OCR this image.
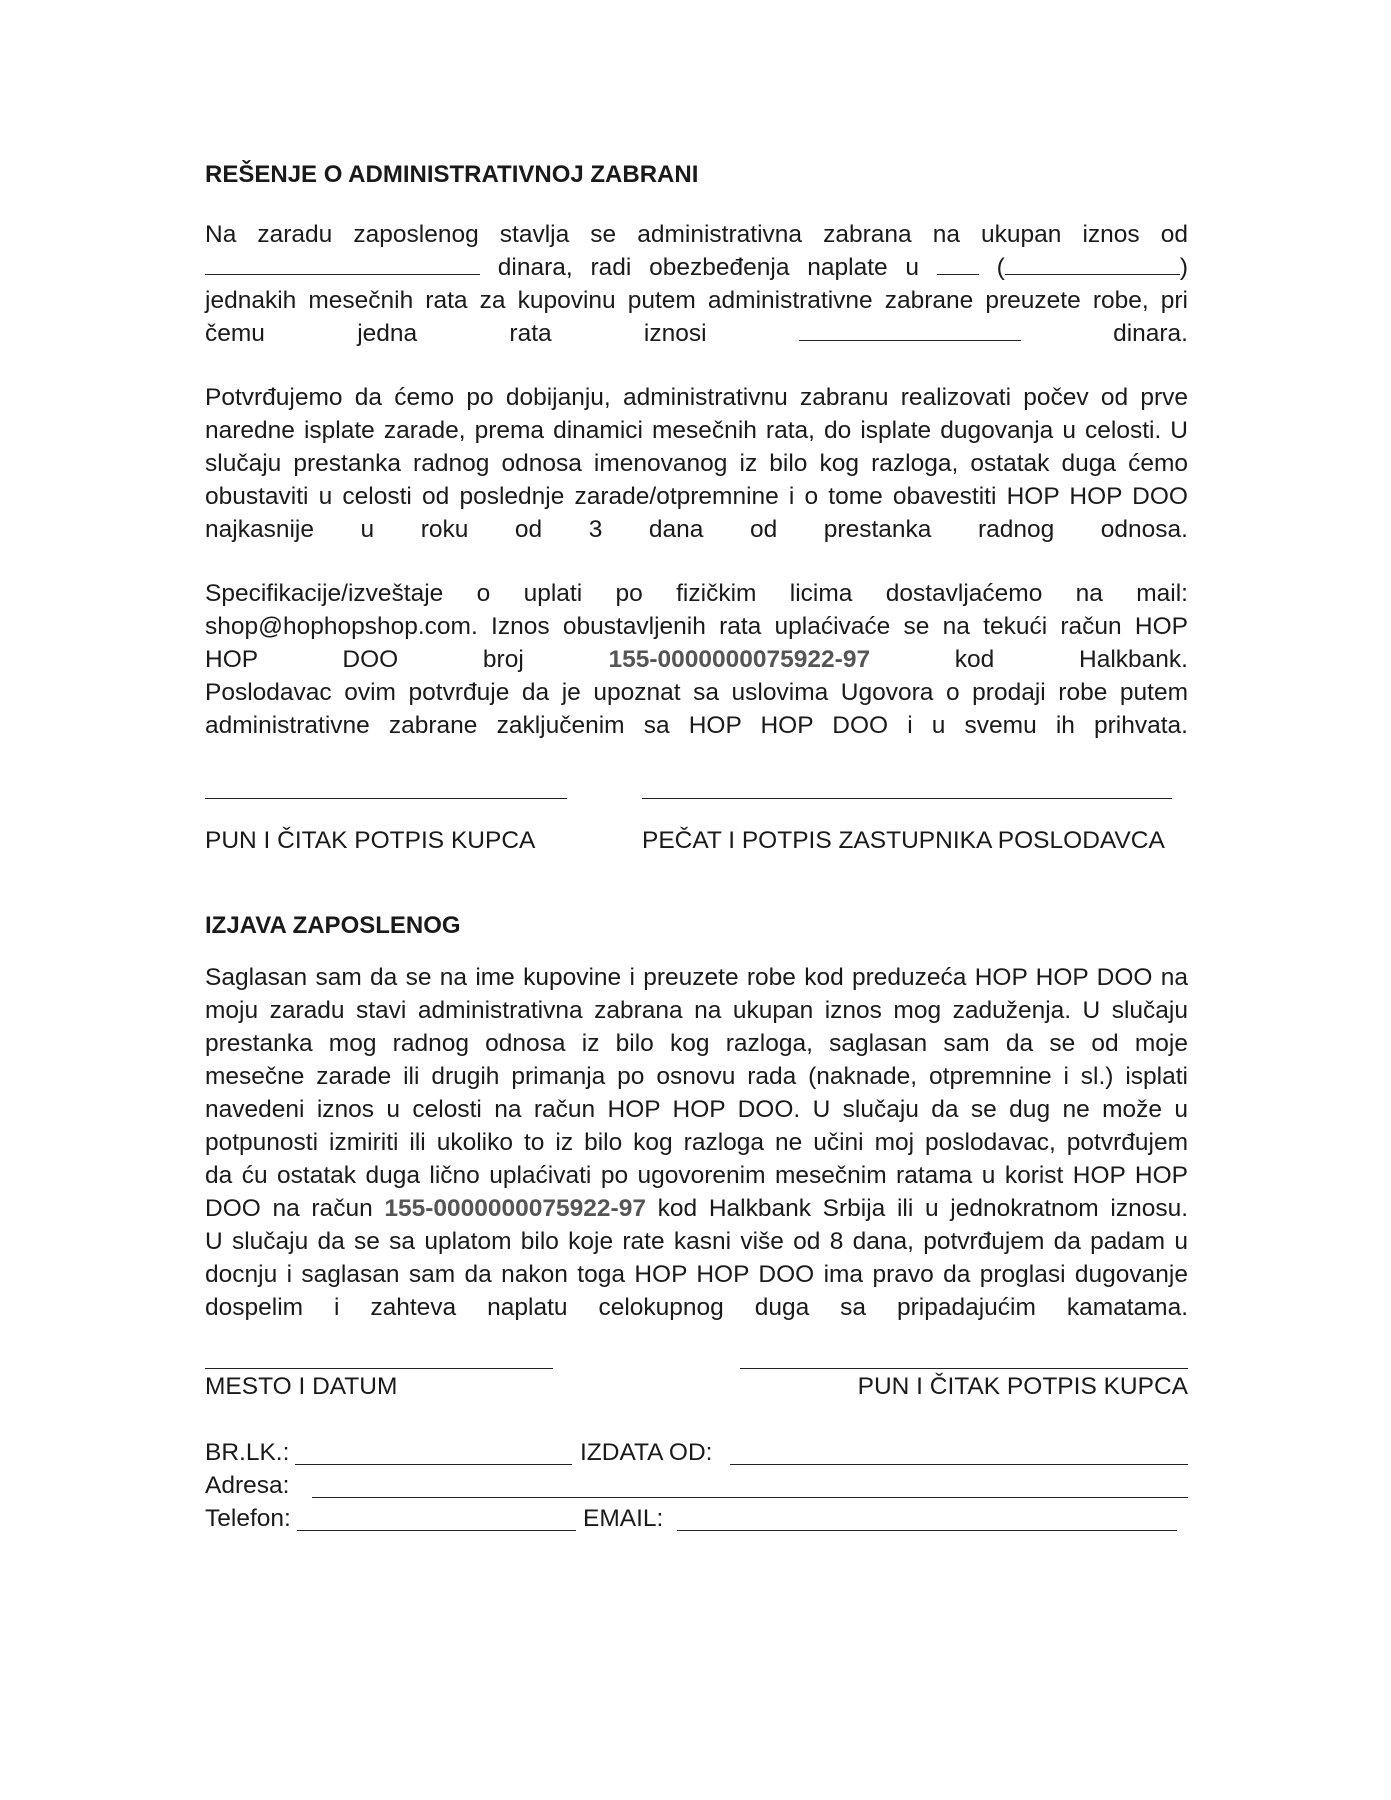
REŠENJE O ADMINISTRATIVNOJ ZABRANI
Na zaradu zaposlenog stavlja se administrativna zabrana na ukupan iznos od
dinara, radi obezbeđenja naplate u	(	)
jednakih mesečnih rata za kupovinu putem administrativne zabrane preuzete robe, pri
čemu	jedna	rata	iznosi	dinara.
Potvrđujemo da ćemo po dobijanju, administrativnu zabranu realizovati počev od prve
naredne isplate zarade, prema dinamici mesečnih rata, do isplate dugovanja u celosti. U
slučaju prestanka radnog odnosa imenovanog iz bilo kog razloga, ostatak duga ćemo
obustaviti u celosti od poslednje zarade/otpremnine i o tome obavestiti HOP HOP DOO
najkasnije u roku od 3 dana od prestanka radnog odnosa.
Specifikacije/izveštaje o uplati po fizičkim licima dostavljaćemo na mail:
shop@hophopshop.com. Iznos obustavljenih rata uplaćivaće se na tekući račun HOP
HOP	DOO	broj	155-0000000075922-97	kod	Halkbank.
Poslodavac ovim potvrđuje da je upoznat sa uslovima Ugovora o prodaji robe putem
administrativne zabrane zaključenim sa HOP HOP DOO i u svemu ih prihvata.
PUN I ČITAK POTPIS KUPCA	PEČAT I POTPIS ZASTUPNIKA POSLODAVCA
IZJAVA ZAPOSLENOG
Saglasan sam da se na ime kupovine i preuzete robe kod preduzeća HOP HOP DOO na
moju zaradu stavi administrativna zabrana na ukupan iznos mog zaduženja. U slučaju
prestanka mog radnog odnosa iz bilo kog razloga, saglasan sam da se od moje
mesečne zarade ili drugih primanja po osnovu rada (naknade, otpremnine i sl.) isplati
navedeni iznos u celosti na račun HOP HOP DOO. U slučaju da se dug ne može u
potpunosti izmiriti ili ukoliko to iz bilo kog razloga ne učini moj poslodavac, potvrđujem
da ću ostatak duga lično uplaćivati po ugovorenim mesečnim ratama u korist HOP HOP
DOO na račun 155-0000000075922-97 kod Halkbank Srbija ili u jednokratnom iznosu.
U slučaju da se sa uplatom bilo koje rate kasni više od 8 dana, potvrđujem da padam u
docnju i saglasan sam da nakon toga HOP HOP DOO ima pravo da proglasi dugovanje
dospelim i zahteva naplatu celokupnog duga sa pripadajućim kamatama.
MESTO I DATUM	PUN I ČITAK POTPIS KUPCA
BR.LK.:	IZDATA OD:
Adresa:
Telefon:	EMAIL:
